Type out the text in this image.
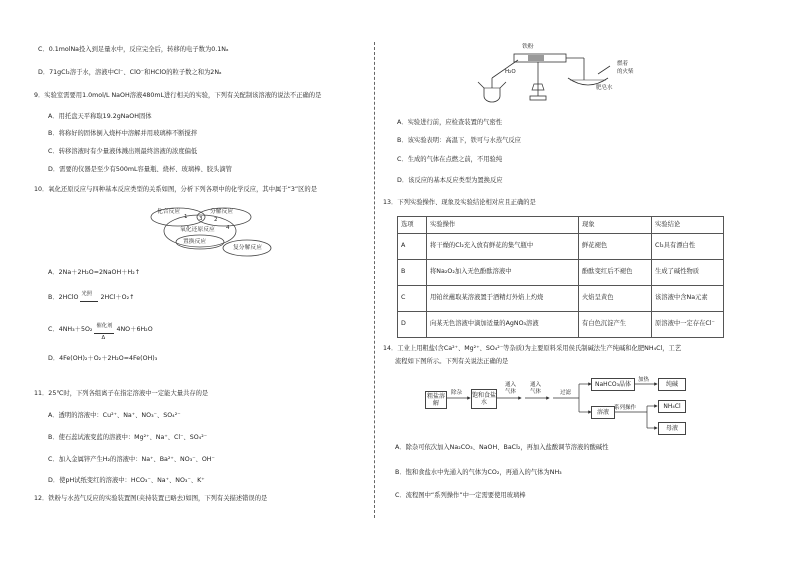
C．0.1molNa投入到足量水中，反应完全后，转移的电子数为0.1Nₐ
D．71gCl₂溶于水，溶液中Cl⁻、ClO⁻和HClO的粒子数之和为2Nₐ
9．实验室需要用1.0mol/L NaOH溶液480mL进行相关的实验，下列有关配制该溶液的说法不正确的是
A．用托盘天平称取19.2gNaOH固体
B．将称好的固体倒入烧杯中溶解并用玻璃棒不断搅拌
C．转移溶液时有少量液体溅出则最终溶液的浓度偏低
D．需要的仪器是至少有500mL容量瓶、烧杯、玻璃棒、胶头滴管
10．氧化还原反应与四种基本反应类型的关系如图，分析下列各项中的化学反应，其中属于“3”区的是
化合反应	分解反应
1	2
3
4
氧化还原反应
置换反应
复分解反应
A．2Na＋2H₂O=2NaOH＋H₂↑
B．2HClO 光照 2HCl＋O₂↑
C．4NH₃＋5O₂ 催化剂
Δ
4NO＋6H₂O
D．4Fe(OH)₂＋O₂＋2H₂O=4Fe(OH)₃
11．25℃时，下列各组离子在指定溶液中一定能大量共存的是
A．透明的溶液中：Cu²⁺、Na⁺、NO₃⁻、SO₄²⁻
B．使石蕊试液变蓝的溶液中：Mg²⁺、Na⁺、Cl⁻、SO₄²⁻
C．加入金属锌产生H₂的溶液中：Na⁺、Ba²⁺、NO₃⁻、OH⁻
D．使pH试纸变红的溶液中：HCO₃⁻、Na⁺、NO₃⁻、K⁺
12．铁粉与水蒸气反应的实验装置图(夹持装置已略去)如图，下列有关描述错误的是
铁粉
H₂O
燃着
的火柴
肥皂水
A．实验进行前，应检查装置的气密性
B．该实验表明：高温下，铁可与水蒸气反应
C．生成的气体在点燃之前，不用验纯
D．该反应的基本反应类型为置换反应
13．下列实验操作、现象及实验结论相对应且正确的是
选项	实验操作	现象	实验结论
A	将干燥的Cl₂充入放有鲜花的集气瓶中	鲜花褪色	Cl₂具有漂白性
B	将Na₂O₂加入无色酚酞溶液中	酚酞变红后不褪色	生成了碱性物质
C	用铂丝蘸取某溶液置于酒精灯外焰上灼烧	火焰呈黄色	该溶液中含Na元素
D	向某无色溶液中滴加适量的AgNO₃溶液	有白色沉淀产生	原溶液中一定存在Cl⁻
14．工业上用粗盐(含Ca²⁺、Mg²⁺、SO₄²⁻等杂质)为主要原料采用侯氏制碱法生产纯碱和化肥NH₄Cl，工艺
流程如下图所示。下列有关说法正确的是
粗盐溶解
除杂 饱和食盐水
通入
气体
通入
气体	过滤
NaHCO₃晶体
加热
纯碱
溶液
系列操作	NH₄Cl
母液
A．除杂可依次加入Na₂CO₃、NaOH、BaCl₂，再加入盐酸调节溶液的酸碱性
B．饱和食盐水中先通入的气体为CO₂，再通入的气体为NH₃
C．流程图中“系列操作”中一定需要使用玻璃棒
